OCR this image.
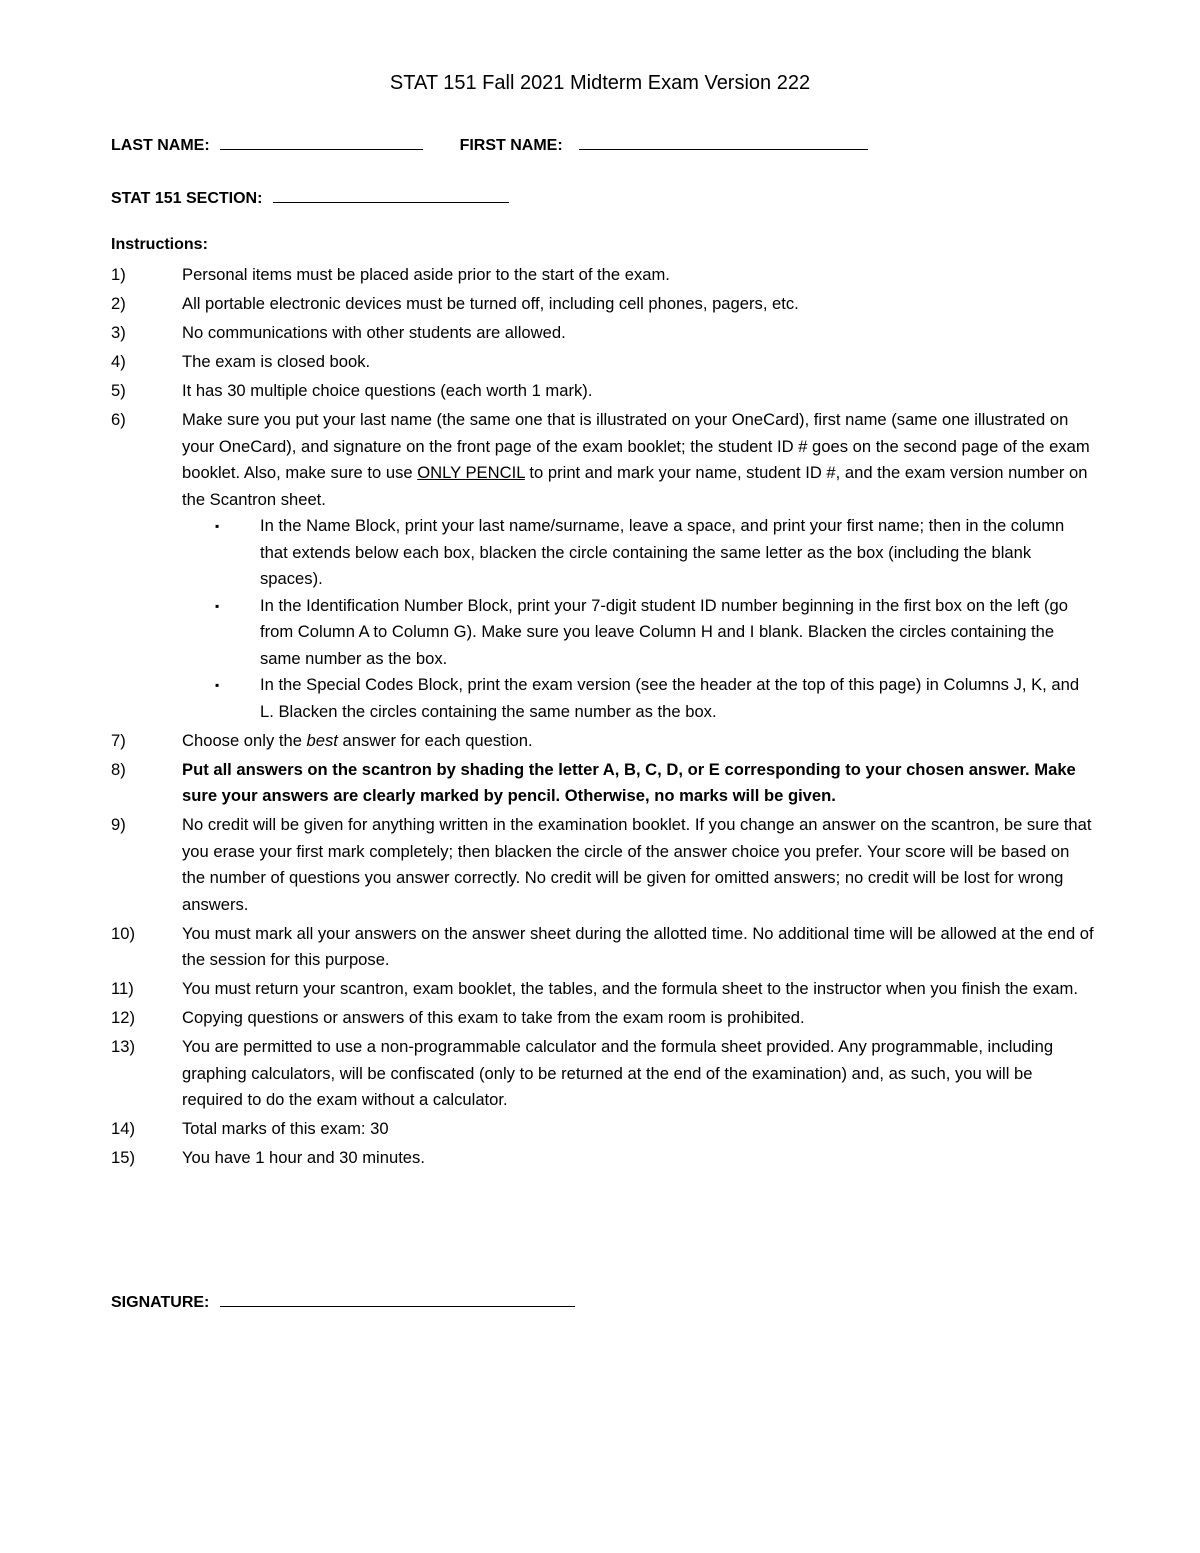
STAT 151 Fall 2021 Midterm Exam Version 222
LAST NAME:	FIRST NAME:
STAT 151 SECTION:
Instructions:
1)	Personal items must be placed aside prior to the start of the exam.
2)	All portable electronic devices must be turned off, including cell phones, pagers, etc.
3)	No communications with other students are allowed.
4)	The exam is closed book.
5)	It has 30 multiple choice questions (each worth 1 mark).
6)	Make sure you put your last name (the same one that is illustrated on your OneCard), first name (same one illustrated on your OneCard), and signature on the front page of the exam booklet; the student ID # goes on the second page of the exam booklet. Also, make sure to use ONLY PENCIL to print and mark your name, student ID #, and the exam version number on the Scantron sheet.
▪ In the Name Block, print your last name/surname, leave a space, and print your first name; then in the column that extends below each box, blacken the circle containing the same letter as the box (including the blank spaces).
▪ In the Identification Number Block, print your 7-digit student ID number beginning in the first box on the left (go from Column A to Column G). Make sure you leave Column H and I blank. Blacken the circles containing the same number as the box.
▪ In the Special Codes Block, print the exam version (see the header at the top of this page) in Columns J, K, and L. Blacken the circles containing the same number as the box.
7)	Choose only the best answer for each question.
8)	Put all answers on the scantron by shading the letter A, B, C, D, or E corresponding to your chosen answer. Make sure your answers are clearly marked by pencil. Otherwise, no marks will be given.
9)	No credit will be given for anything written in the examination booklet. If you change an answer on the scantron, be sure that you erase your first mark completely; then blacken the circle of the answer choice you prefer. Your score will be based on the number of questions you answer correctly. No credit will be given for omitted answers; no credit will be lost for wrong answers.
10)	You must mark all your answers on the answer sheet during the allotted time. No additional time will be allowed at the end of the session for this purpose.
11)	You must return your scantron, exam booklet, the tables, and the formula sheet to the instructor when you finish the exam.
12)	Copying questions or answers of this exam to take from the exam room is prohibited.
13)	You are permitted to use a non-programmable calculator and the formula sheet provided. Any programmable, including graphing calculators, will be confiscated (only to be returned at the end of the examination) and, as such, you will be required to do the exam without a calculator.
14)	Total marks of this exam: 30
15)	You have 1 hour and 30 minutes.
SIGNATURE:
